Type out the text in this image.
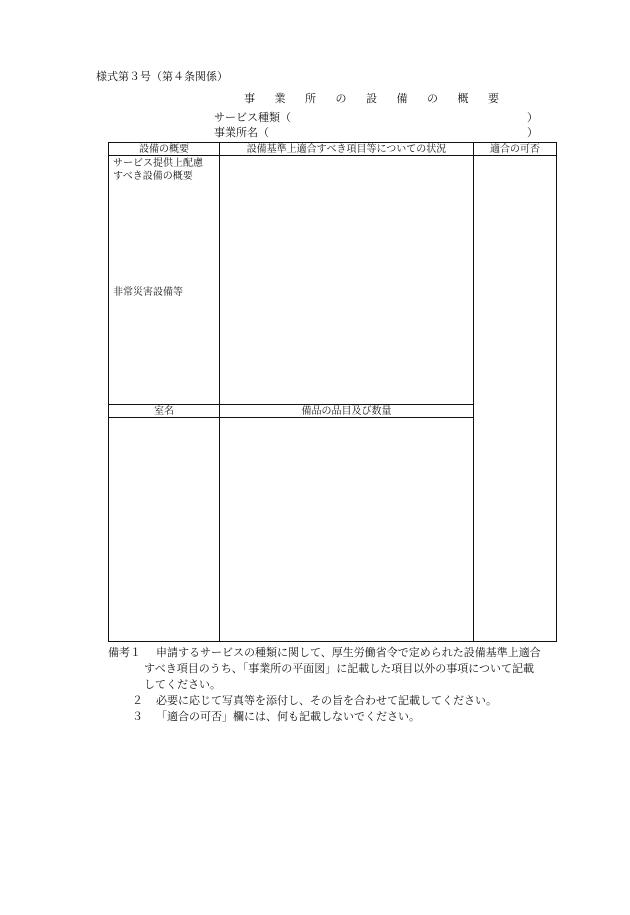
様式第３号（第４条関係）
事 業 所 の 設 備 の 概 要
サービス種類（	）
事業所名（	）
設備の概要	設備基準上適合すべき項目等についての状況	適合の可否
サービス提供上配慮
すべき設備の概要
非常災害設備等
室名	備品の品目及び数量
備考１ 申請するサービスの種類に関して、厚生労働省令で定められた設備基準上適合
すべき項目のうち、「事業所の平面図」に記載した項目以外の事項について記載
してください。
２ 必要に応じて写真等を添付し、その旨を合わせて記載してください。
３ 「適合の可否」欄には、何も記載しないでください。
